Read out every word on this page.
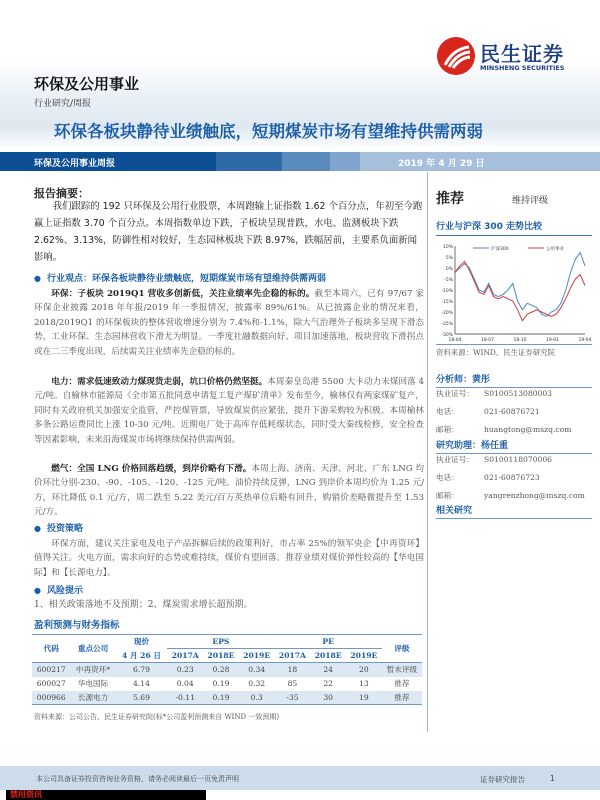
民生证券
MINSHENG SECURITIES
环保及公用事业
行业研究/周报
环保各板块静待业绩触底，短期煤炭市场有望维持供需两弱
环保及公用事业周报	2019 年 4 月 29 日
报告摘要：
我们跟踪的 192 只环保及公用行业股票，本周跑输上证指数 1.62 个百分点，年初至今跑赢上证指数 3.70 个百分点。本周指数单边下跌，子板块呈现普跌，水电、监测板块下跌 2.62%、3.13%，防御性相对较好，生态园林板块下跌 8.97%，跌幅居前，主要系负面新闻影响。
● 行业观点：环保各板块静待业绩触底，短期煤炭市场有望维持供需两弱
环保：子板块 2019Q1 营收多创新低，关注业绩率先企稳的标的。截至本周六，已有 97/67 家环保企业披露 2018 年年报/2019 年一季报情况，披露率 89%/61%。从已披露企业的情况来看，2018/2019Q1 的环保板块的整体营收增速分别为 7.4%和-1.1%，除大气治理外子板块多呈现下滑态势，工业环保、生态园林营收下滑尤为明显。一季度社融数据向好、项目加速落地，板块营收下滑拐点或在二三季度出现，后续需关注业绩率先企稳的标的。
电力：需求低速致动力煤现货走弱，坑口价格仍然坚挺。本周秦皇岛港 5500 大卡动力末煤回落 4 元/吨。自榆林市能源局《全市第五批同意申请复工复产煤矿清单》发布至今，榆林仅有两家煤矿复产，同时有关政府机关加强安全监管，严控煤管票，导致煤炭供应紧张，提升下游采购较为积极。本周榆林多条公路运费同比上涨 10-30 元/吨。近期电厂处于高库存低耗煤状态，同时受大秦线检修，安全检查等因素影响，未来沿海煤炭市场将继续保持供需两弱。
燃气：全国 LNG 价格回落趋缓，到岸价略有下滑。本周上海、济南、天津、河北、广东 LNG 均价环比分别-230、-90、-105、-120、-125 元/吨。油价持续反弹，LNG 到岸价本周均价为 1.25 元/方，环比降低 0.1 元/方，周二跌至 5.22 美元/百万英热单位后略有回升，购销价差略微提升至 1.53 元/方。
● 投资策略
环保方面，建议关注家电及电子产品拆解后续的政策利好，市占率 25%的领军央企【中再资环】值得关注。火电方面，需求向好的态势或难持续，煤价有望回落，推荐业绩对煤价弹性较高的【华电国际】和【长源电力】。
● 风险提示
1、相关政策落地不及预期；2、煤炭需求增长超预期。
盈利预测与财务指标
代码	重点公司	现价	EPS			PE			评级
		4 月 26 日	2017A	2018E	2019E	2017A	2018E	2019E	
600217	中再资环*	6.79	0.23	0.28	0.34	18	24	20	暂未评级
600027	华电国际	4.14	0.04	0.19	0.32	85	22	13	推荐
000966	长源电力	5.69	-0.11	0.19	0.3	-35	30	19	推荐
资料来源：公司公告、民生证券研究院(标*公司盈利预测来自 WIND 一致预期)
推荐	维持评级
行业与沪深 300 走势比较
10%
5%
0%
-5%
-10%
-15%
-20%
-25%
-30%
18-04	18-07	18-10	19-01	19-04
沪深300	公用事业
资料来源：WIND、民生证券研究院
分析师：黄彤
执业证号： S0100513080003
电话：	021-60876721
邮箱：	huangtong@mszq.com
研究助理：杨任重
执业证号： S0100118070006
电话：	021-60876723
邮箱：	yangrenzhong@mszq.com
相关研究
本公司具备证券投资咨询业务资格，请务必阅读最后一页免责声明	证券研究报告	1
禁用资讯
